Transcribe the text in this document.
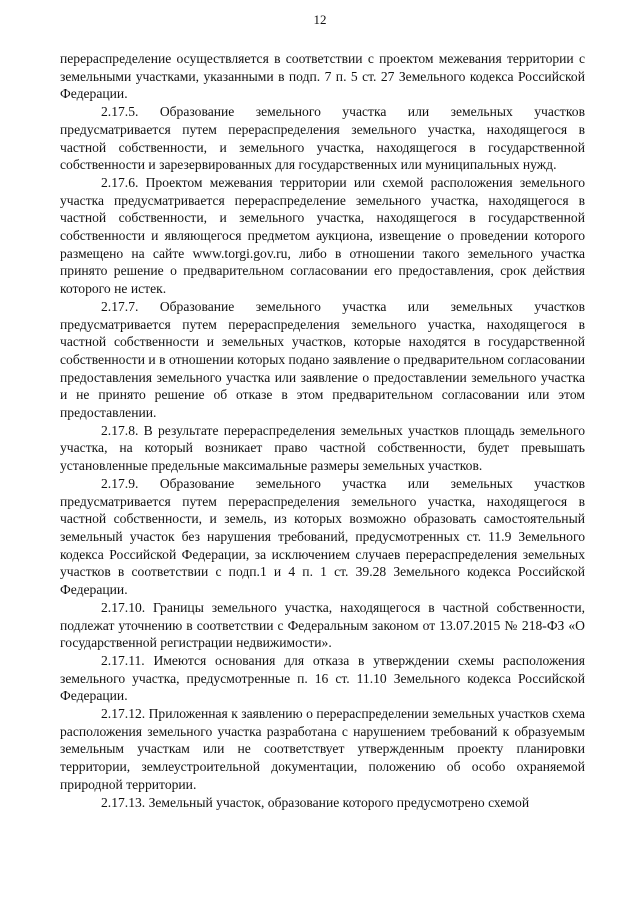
12

перераспределение осуществляется в соответствии с проектом межевания территории с земельными участками, указанными в подп. 7 п. 5 ст. 27 Земельного кодекса Российской Федерации.

2.17.5. Образование земельного участка или земельных участков предусматривается путем перераспределения земельного участка, находящегося в частной собственности, и земельного участка, находящегося в государственной собственности и зарезервированных для государственных или муниципальных нужд.

2.17.6. Проектом межевания территории или схемой расположения земельного участка предусматривается перераспределение земельного участка, находящегося в частной собственности, и земельного участка, находящегося в государственной собственности и являющегося предметом аукциона, извещение о проведении которого размещено на сайте www.torgi.gov.ru, либо в отношении такого земельного участка принято решение о предварительном согласовании его предоставления, срок действия которого не истек.

2.17.7. Образование земельного участка или земельных участков предусматривается путем перераспределения земельного участка, находящегося в частной собственности и земельных участков, которые находятся в государственной собственности и в отношении которых подано заявление о предварительном согласовании предоставления земельного участка или заявление о предоставлении земельного участка и не принято решение об отказе в этом предварительном согласовании или этом предоставлении.

2.17.8. В результате перераспределения земельных участков площадь земельного участка, на который возникает право частной собственности, будет превышать установленные предельные максимальные размеры земельных участков.

2.17.9. Образование земельного участка или земельных участков предусматривается путем перераспределения земельного участка, находящегося в частной собственности, и земель, из которых возможно образовать самостоятельный земельный участок без нарушения требований, предусмотренных ст. 11.9 Земельного кодекса Российской Федерации, за исключением случаев перераспределения земельных участков в соответствии с подп.1 и 4 п. 1 ст. 39.28 Земельного кодекса Российской Федерации.

2.17.10. Границы земельного участка, находящегося в частной собственности, подлежат уточнению в соответствии с Федеральным законом от 13.07.2015 № 218-ФЗ «О государственной регистрации недвижимости».

2.17.11. Имеются основания для отказа в утверждении схемы расположения земельного участка, предусмотренные п. 16 ст. 11.10 Земельного кодекса Российской Федерации.

2.17.12. Приложенная к заявлению о перераспределении земельных участков схема расположения земельного участка разработана с нарушением требований к образуемым земельным участкам или не соответствует утвержденным проекту планировки территории, землеустроительной документации, положению об особо охраняемой природной территории.

2.17.13. Земельный участок, образование которого предусмотрено схемой
